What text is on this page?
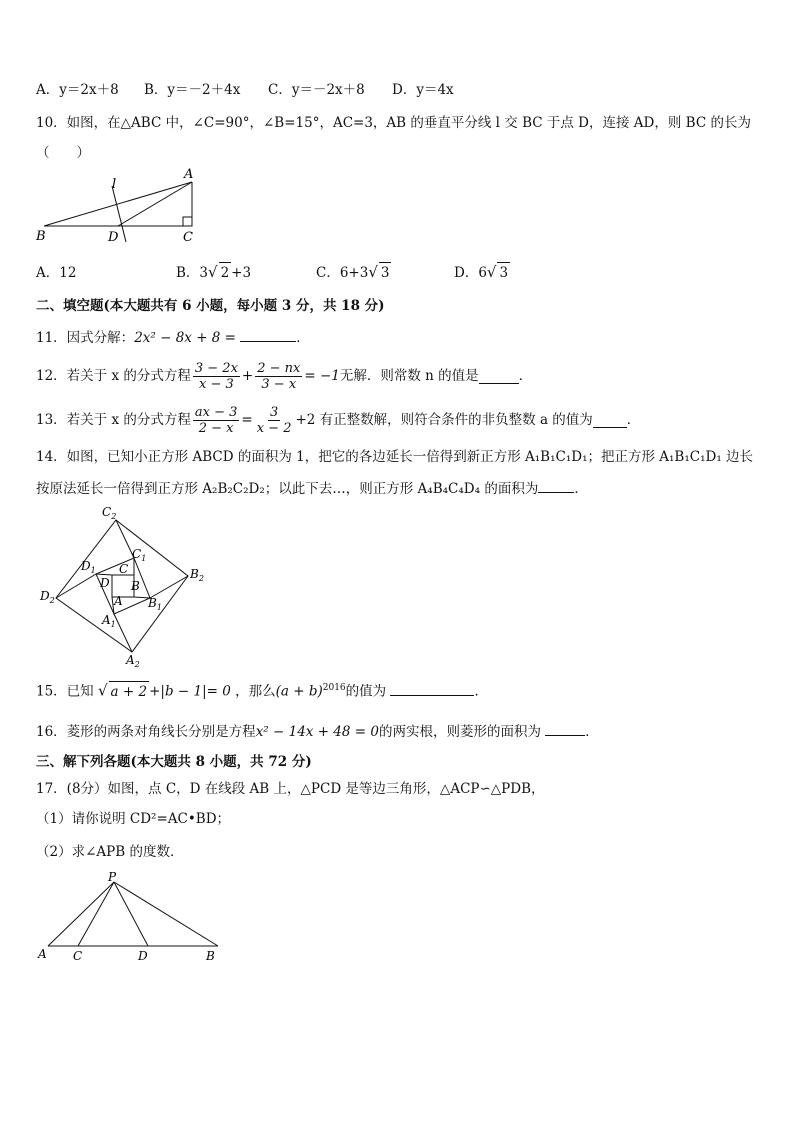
A．y＝2x＋8 B．y＝－2＋4x C．y＝－2x＋8 D．y＝4x
10．如图，在△ABC 中，∠C=90°，∠B=15°，AC=3，AB 的垂直平分线 l 交 BC 于点 D，连接 AD，则 BC 的长为
（　　）
A
B	C
D
l
A．12	B．3√ 2 +3	C．6+3√ 3	D．6√ 3
二、填空题(本大题共有 6 小题，每小题 3 分，共 18 分)
11．因式分解：2x² − 8x + 8 =	．
12．若关于 x 的分式方程 $\frac{3 - 2x}{x - 3} + \frac{2 - nx}{3 - x} = -1$ 无解．则常数 n 的值是	．
13．若关于 x 的分式方程 $\frac{ax - 3}{2 - x} = \frac{3}{x - 2} +2$ 有正整数解，则符合条件的非负整数 a 的值为	．
14．如图，已知小正方形 ABCD 的面积为 1，把它的各边延长一倍得到新正方形 A₁B₁C₁D₁；把正方形 A₁B₁C₁D₁ 边长
按原法延长一倍得到正方形 A₂B₂C₂D₂；以此下去…，则正方形 A₄B₄C₄D₄ 的面积为	．
$C_2$
$B_2$
$A_2$
$D_2$
$C_1$
$B_1$
$A_1$
$D_1$ C
B
A
D
15．已知 √ a + 2 +|b − 1|= 0 ，那么$(a + b)^{2016}$的值为	．
16．菱形的两条对角线长分别是方程x² − 14x + 48 = 0的两实根，则菱形的面积为	．
三、解下列各题(本大题共 8 小题，共 72 分)
17．(8分）如图，点 C，D 在线段 AB 上，△PCD 是等边三角形，△ACP∽△PDB，
（1）请你说明 CD²=AC•BD；
（2）求∠APB 的度数．
P
A C	D	B
